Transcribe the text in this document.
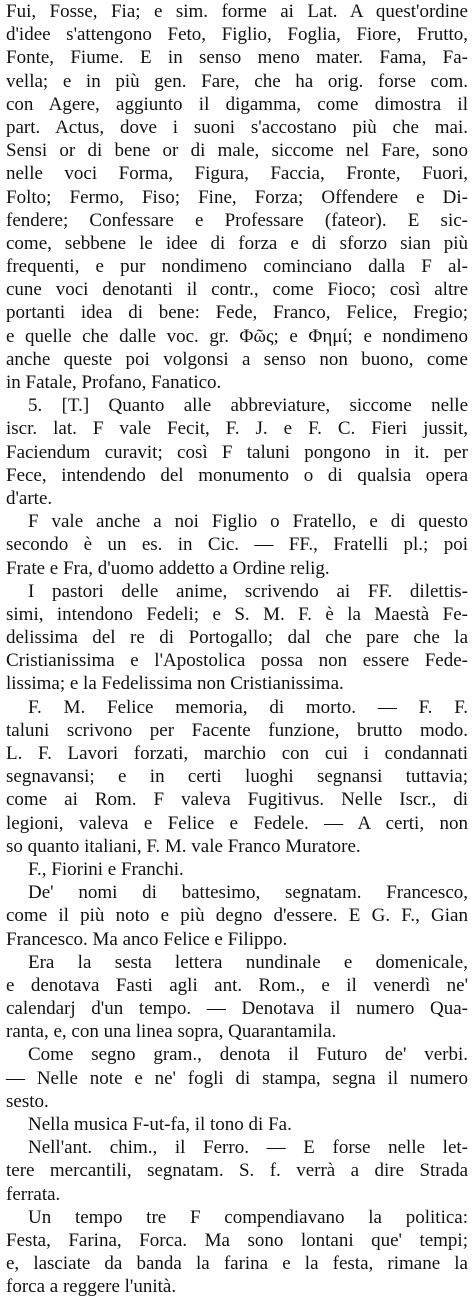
Fui, Fosse, Fia; e sim. forme ai Lat. A quest'ordine
d'idee s'attengono Feto, Figlio, Foglia, Fiore, Frutto,
Fonte, Fiume. E in senso meno mater. Fama, Fa-
vella; e in più gen. Fare, che ha orig. forse com.
con Agere, aggiunto il digamma, come dimostra il
part. Actus, dove i suoni s'accostano più che mai.
Sensi or di bene or di male, siccome nel Fare, sono
nelle voci Forma, Figura, Faccia, Fronte, Fuori,
Folto; Fermo, Fiso; Fine, Forza; Offendere e Di-
fendere; Confessare e Professare (fateor). E sic-
come, sebbene le idee di forza e di sforzo sian più
frequenti, e pur nondimeno cominciano dalla F al-
cune voci denotanti il contr., come Fioco; così altre
portanti idea di bene: Fede, Franco, Felice, Fregio;
e quelle che dalle voc. gr. Φῶς; e Φημί; e nondimeno
anche queste poi volgonsi a senso non buono, come
in Fatale, Profano, Fanatico.
5. [T.] Quanto alle abbreviature, siccome nelle
iscr. lat. F vale Fecit, F. J. e F. C. Fieri jussit,
Faciendum curavit; così F taluni pongono in it. per
Fece, intendendo del monumento o di qualsia opera
d'arte.
F vale anche a noi Figlio o Fratello, e di questo
secondo è un es. in Cic. — FF., Fratelli pl.; poi
Frate e Fra, d'uomo addetto a Ordine relig.
I pastori delle anime, scrivendo ai FF. dilettis-
simi, intendono Fedeli; e S. M. F. è la Maestà Fe-
delissima del re di Portogallo; dal che pare che la
Cristianissima e l'Apostolica possa non essere Fede-
lissima; e la Fedelissima non Cristianissima.
F. M. Felice memoria, di morto. — F. F.
taluni scrivono per Facente funzione, brutto modo.
L. F. Lavori forzati, marchio con cui i condannati
segnavansi; e in certi luoghi segnansi tuttavia;
come ai Rom. F valeva Fugitivus. Nelle Iscr., di
legioni, valeva e Felice e Fedele. — A certi, non
so quanto italiani, F. M. vale Franco Muratore.
F., Fiorini e Franchi.
De' nomi di battesimo, segnatam. Francesco,
come il più noto e più degno d'essere. E G. F., Gian
Francesco. Ma anco Felice e Filippo.
Era la sesta lettera nundinale e domenicale,
e denotava Fasti agli ant. Rom., e il venerdì ne'
calendarj d'un tempo. — Denotava il numero Qua-
ranta, e, con una linea sopra, Quarantamila.
Come segno gram., denota il Futuro de' verbi.
— Nelle note e ne' fogli di stampa, segna il numero
sesto.
Nella musica F-ut-fa, il tono di Fa.
Nell'ant. chim., il Ferro. — E forse nelle let-
tere mercantili, segnatam. S. f. verrà a dire Strada
ferrata.
Un tempo tre F compendiavano la politica:
Festa, Farina, Forca. Ma sono lontani que' tempi;
e, lasciate da banda la farina e la festa, rimane la
forca a reggere l'unità.
